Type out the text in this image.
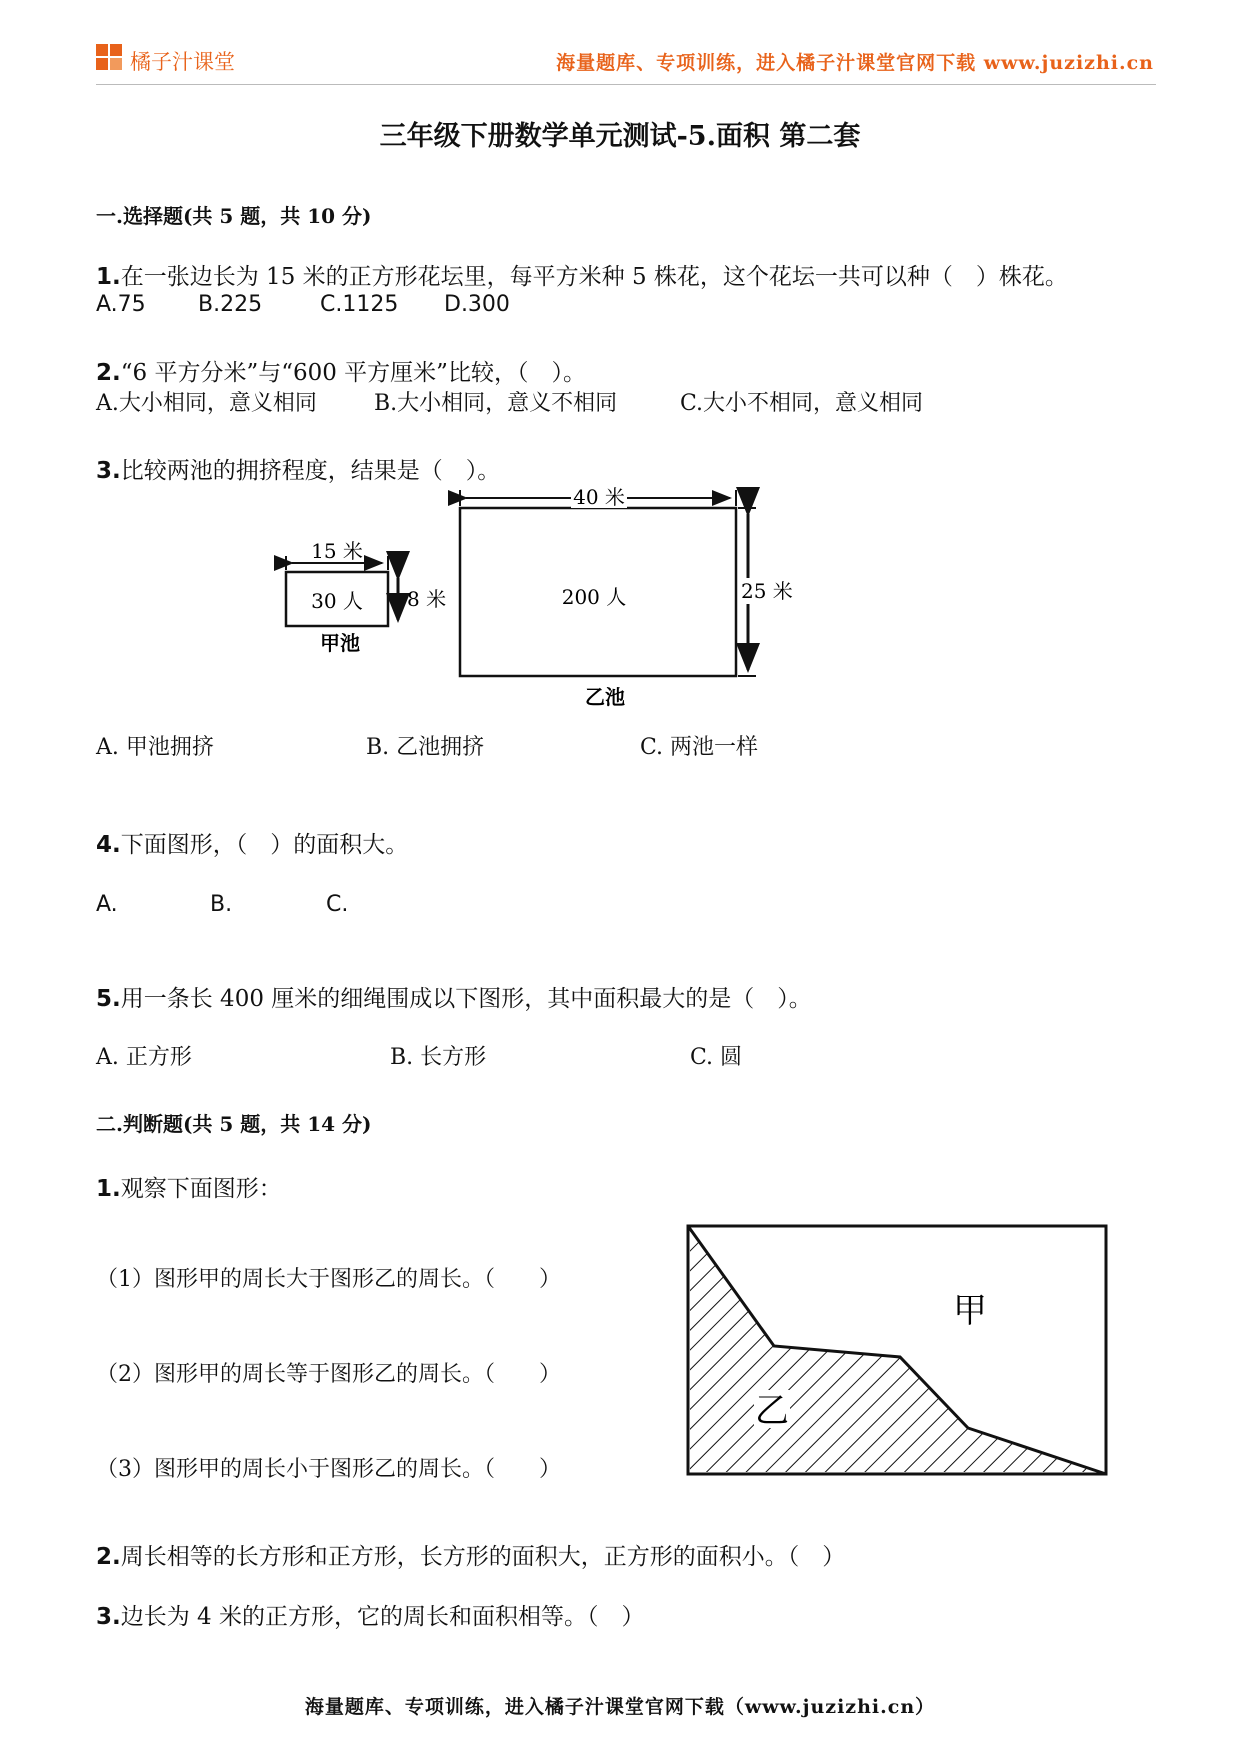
橘子汁课堂	海量题库、专项训练，进入橘子汁课堂官网下载 www.juzizhi.cn
三年级下册数学单元测试-5.面积 第二套
一.选择题(共 5 题，共 10 分)
1.在一张边长为 15 米的正方形花坛里，每平方米种 5 株花，这个花坛一共可以种（　）株花。
A.75 B.225	C.1125 D.300
2.“6 平方分米”与“600 平方厘米”比较，（　）。
A.大小相同，意义相同	B.大小相同，意义不相同	C.大小不相同，意义相同
3.比较两池的拥挤程度，结果是（　）。
15 米
30 人 8 米
甲池
40 米
25 米
200 人
乙池
甲
乙
A. 甲池拥挤	B. 乙池拥挤	C. 两池一样
4.下面图形，（　）的面积大。
A.	B.	C.
5.用一条长 400 厘米的细绳围成以下图形，其中面积最大的是（　）。
A. 正方形	B. 长方形	C. 圆
二.判断题(共 5 题，共 14 分)
1.观察下面图形：
（1）图形甲的周长大于图形乙的周长。（　　）
（2）图形甲的周长等于图形乙的周长。（　　）
（3）图形甲的周长小于图形乙的周长。（　　）
2.周长相等的长方形和正方形，长方形的面积大，正方形的面积小。（　）
3.边长为 4 米的正方形，它的周长和面积相等。（　）
海量题库、专项训练，进入橘子汁课堂官网下载（www.juzizhi.cn）
